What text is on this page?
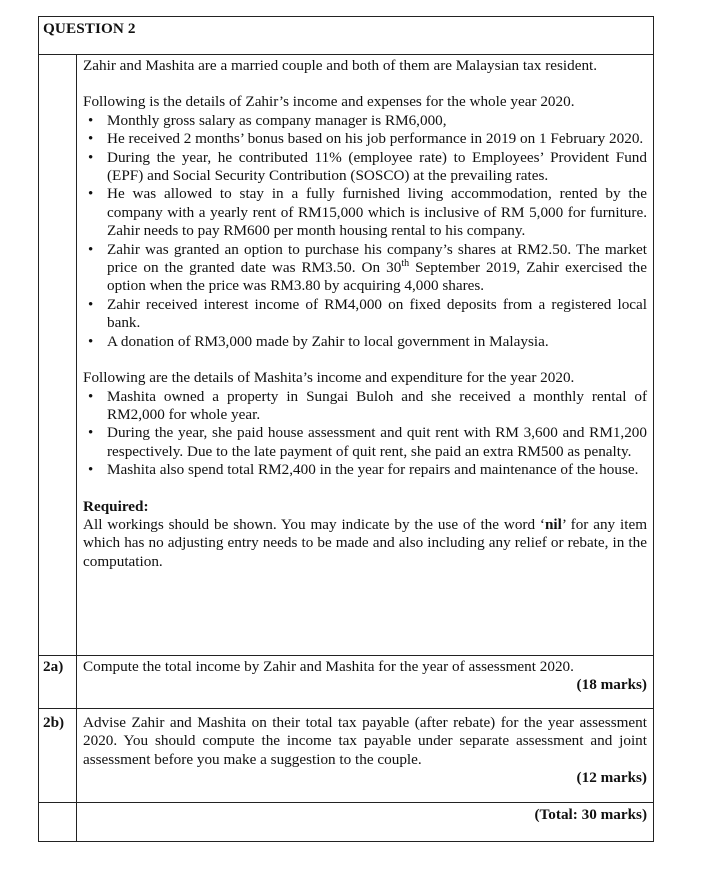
QUESTION 2

Zahir and Mashita are a married couple and both of them are Malaysian tax resident.

Following is the details of Zahir’s income and expenses for the whole year 2020.

• Monthly gross salary as company manager is RM6,000,
• He received 2 months’ bonus based on his job performance in 2019 on 1 February 2020.
• During the year, he contributed 11% (employee rate) to Employees’ Provident Fund (EPF) and Social Security Contribution (SOSCO) at the prevailing rates.
• He was allowed to stay in a fully furnished living accommodation, rented by the company with a yearly rent of RM15,000 which is inclusive of RM 5,000 for furniture. Zahir needs to pay RM600 per month housing rental to his company.
• Zahir was granted an option to purchase his company’s shares at RM2.50. The market price on the granted date was RM3.50. On 30th September 2019, Zahir exercised the option when the price was RM3.80 by acquiring 4,000 shares.
• Zahir received interest income of RM4,000 on fixed deposits from a registered local bank.
• A donation of RM3,000 made by Zahir to local government in Malaysia.

Following are the details of Mashita’s income and expenditure for the year 2020.

• Mashita owned a property in Sungai Buloh and she received a monthly rental of RM2,000 for whole year.
• During the year, she paid house assessment and quit rent with RM 3,600 and RM1,200 respectively. Due to the late payment of quit rent, she paid an extra RM500 as penalty.
• Mashita also spend total RM2,400 in the year for repairs and maintenance of the house.

Required:

All workings should be shown. You may indicate by the use of the word ‘nil’ for any item which has no adjusting entry needs to be made and also including any relief or rebate, in the computation.

2a) Compute the total income by Zahir and Mashita for the year of assessment 2020.

(18 marks)
2b) Advise Zahir and Mashita on their total tax payable (after rebate) for the year assessment 2020. You should compute the income tax payable under separate assessment and joint assessment before you make a suggestion to the couple.

(12 marks)
(Total: 30 marks)
